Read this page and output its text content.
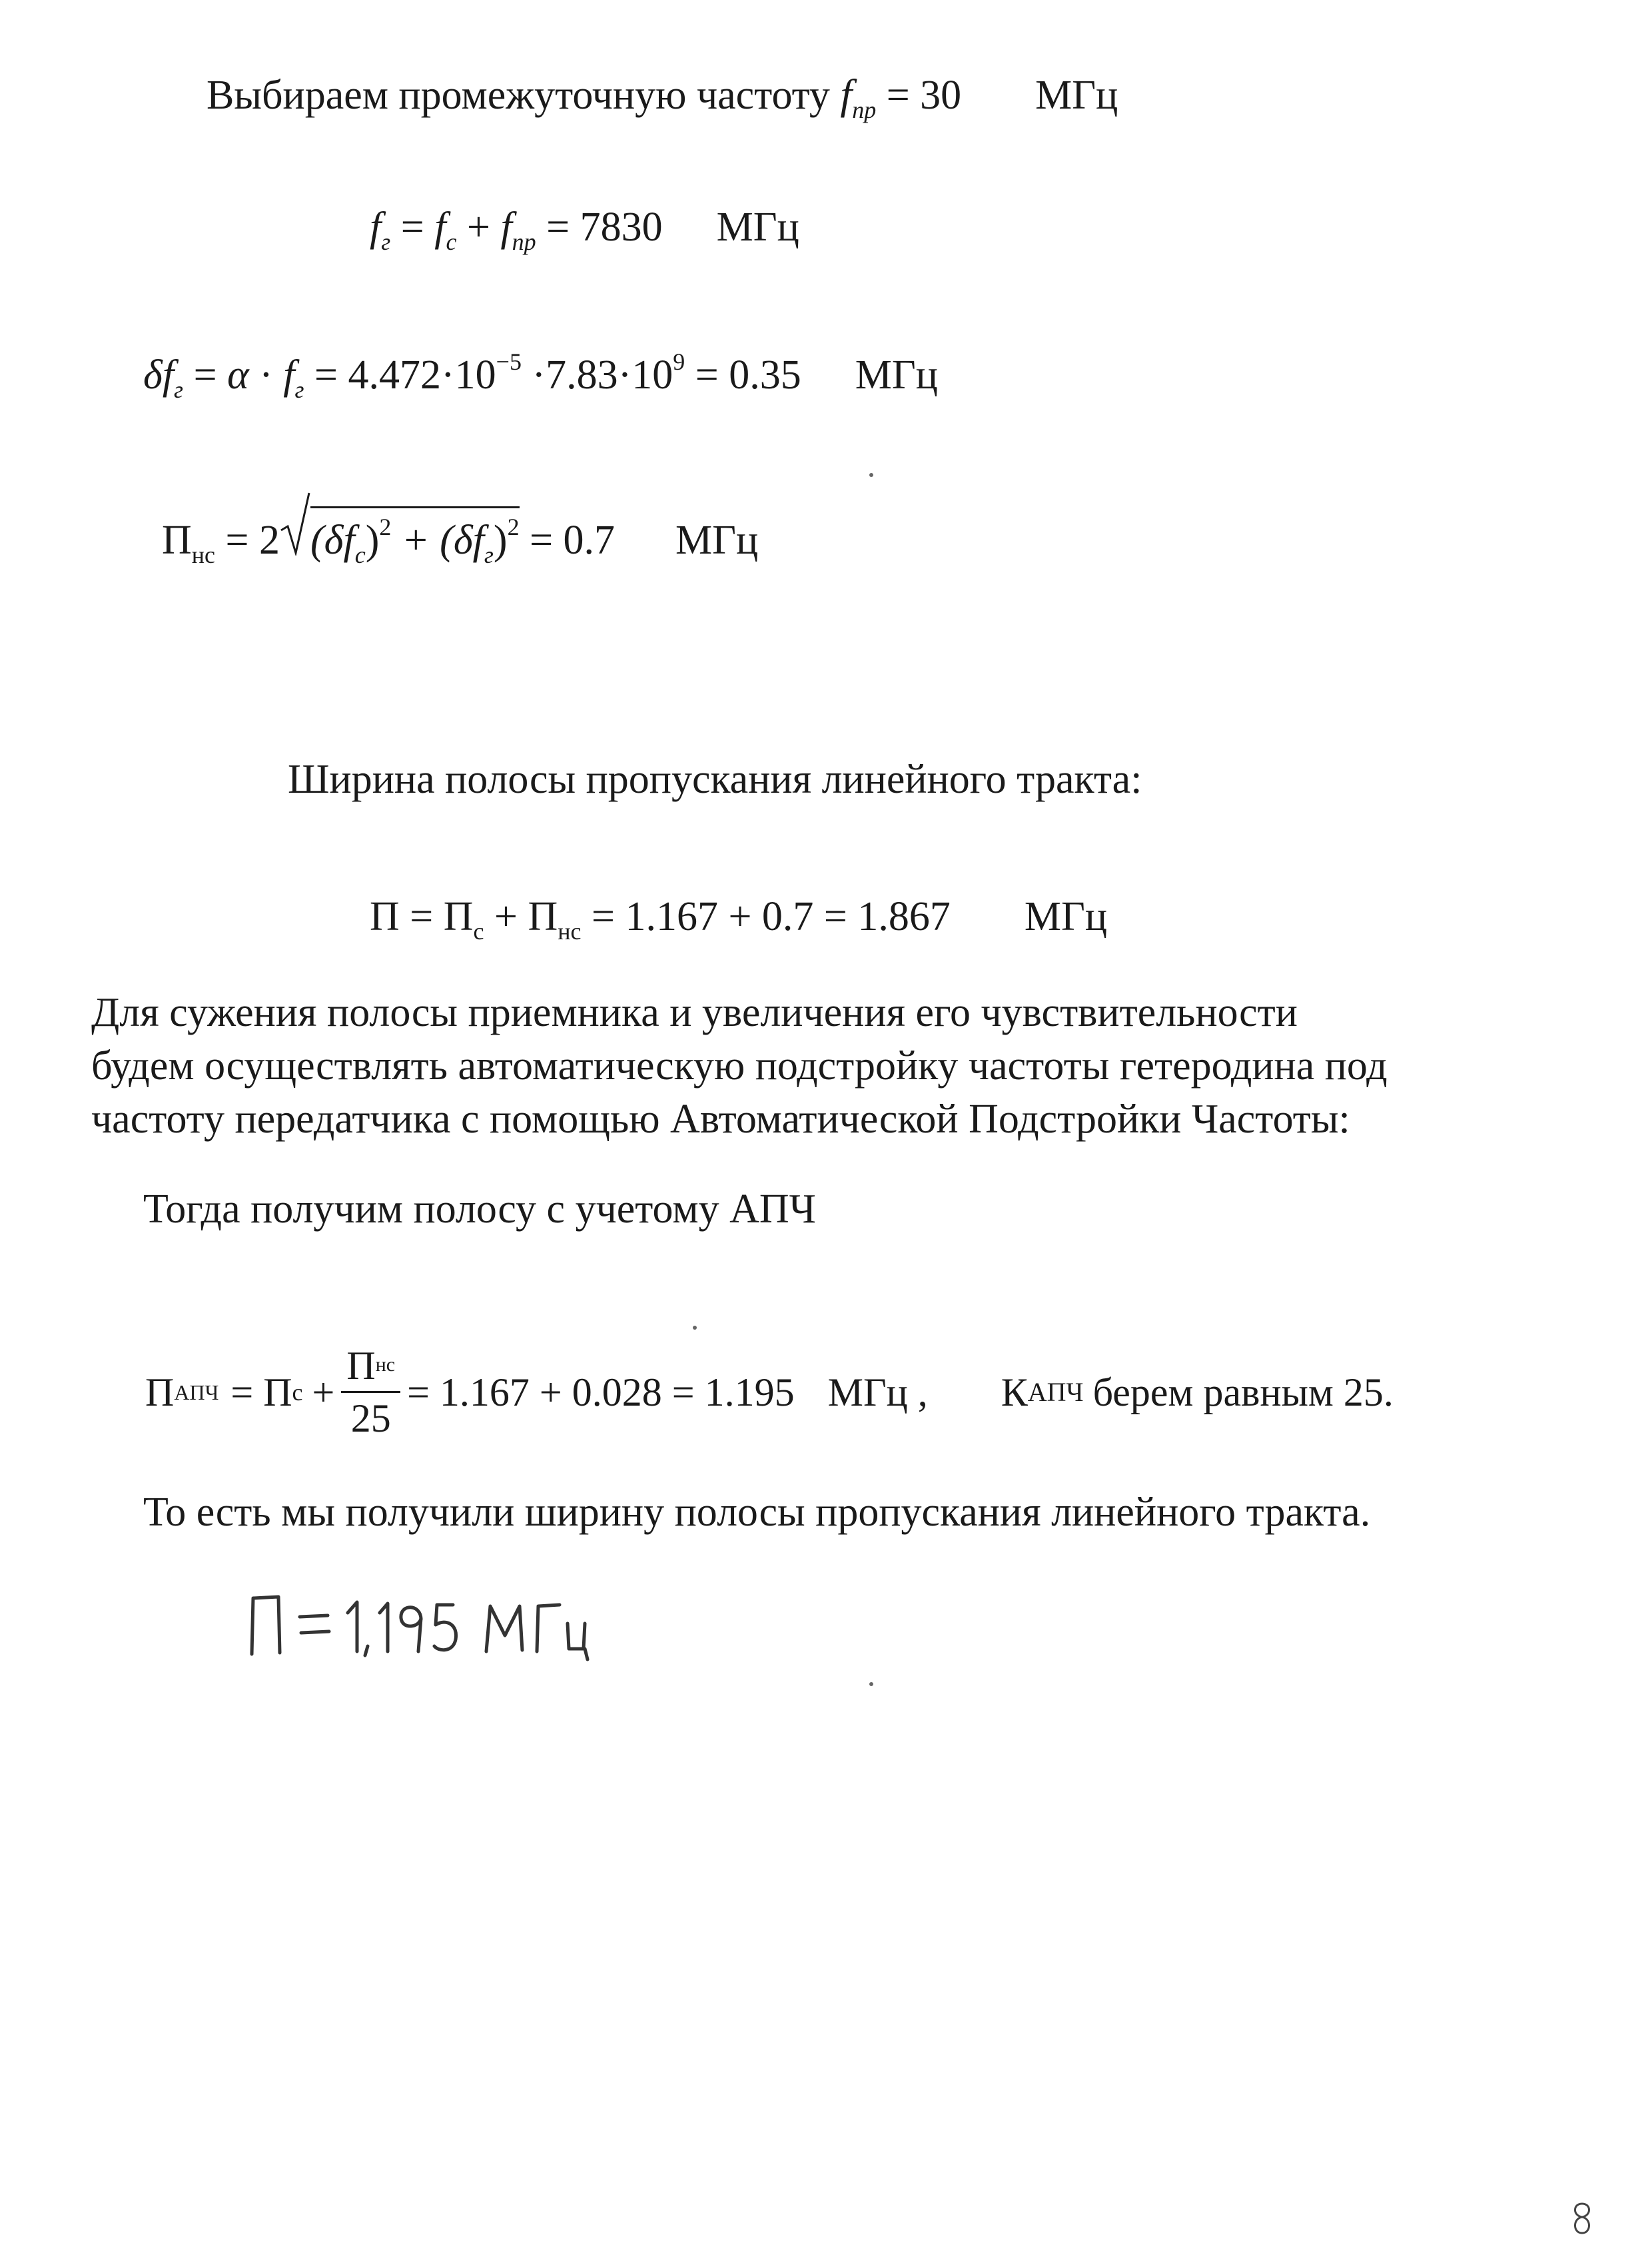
Выбираем промежуточную частоту $f_{пр} = 30$ МГц
$f_г = f_с + f_{пр} = 7830$ МГц
$\delta f_г = \alpha \cdot f_г = 4.472\cdot 10^{-5} \cdot 7.83\cdot 10^9 = 0.35$ МГц
$П_{нс} = 2$ $(\delta f_с)^2 + (\delta f_г)^2 = 0.7$ МГц
Ширина полосы пропускания линейного тракта:
$П = П_с + П_{нс} = 1.167 + 0.7 = 1.867$ МГц
Для сужения полосы приемника и увеличения его чувствительности
будем осуществлять автоматическую подстройку частоты гетеродина под
частоту передатчика с помощью Автоматической Подстройки Частоты:
Тогда получим полосу с учетому АПЧ
П АПЧ = П $с + \frac{П^{нс}}{25} = 1.167 + 0.028 = 1.195$ МГц , К АПЧ берем равным 25.
То есть мы получили ширину полосы пропускания линейного тракта.
